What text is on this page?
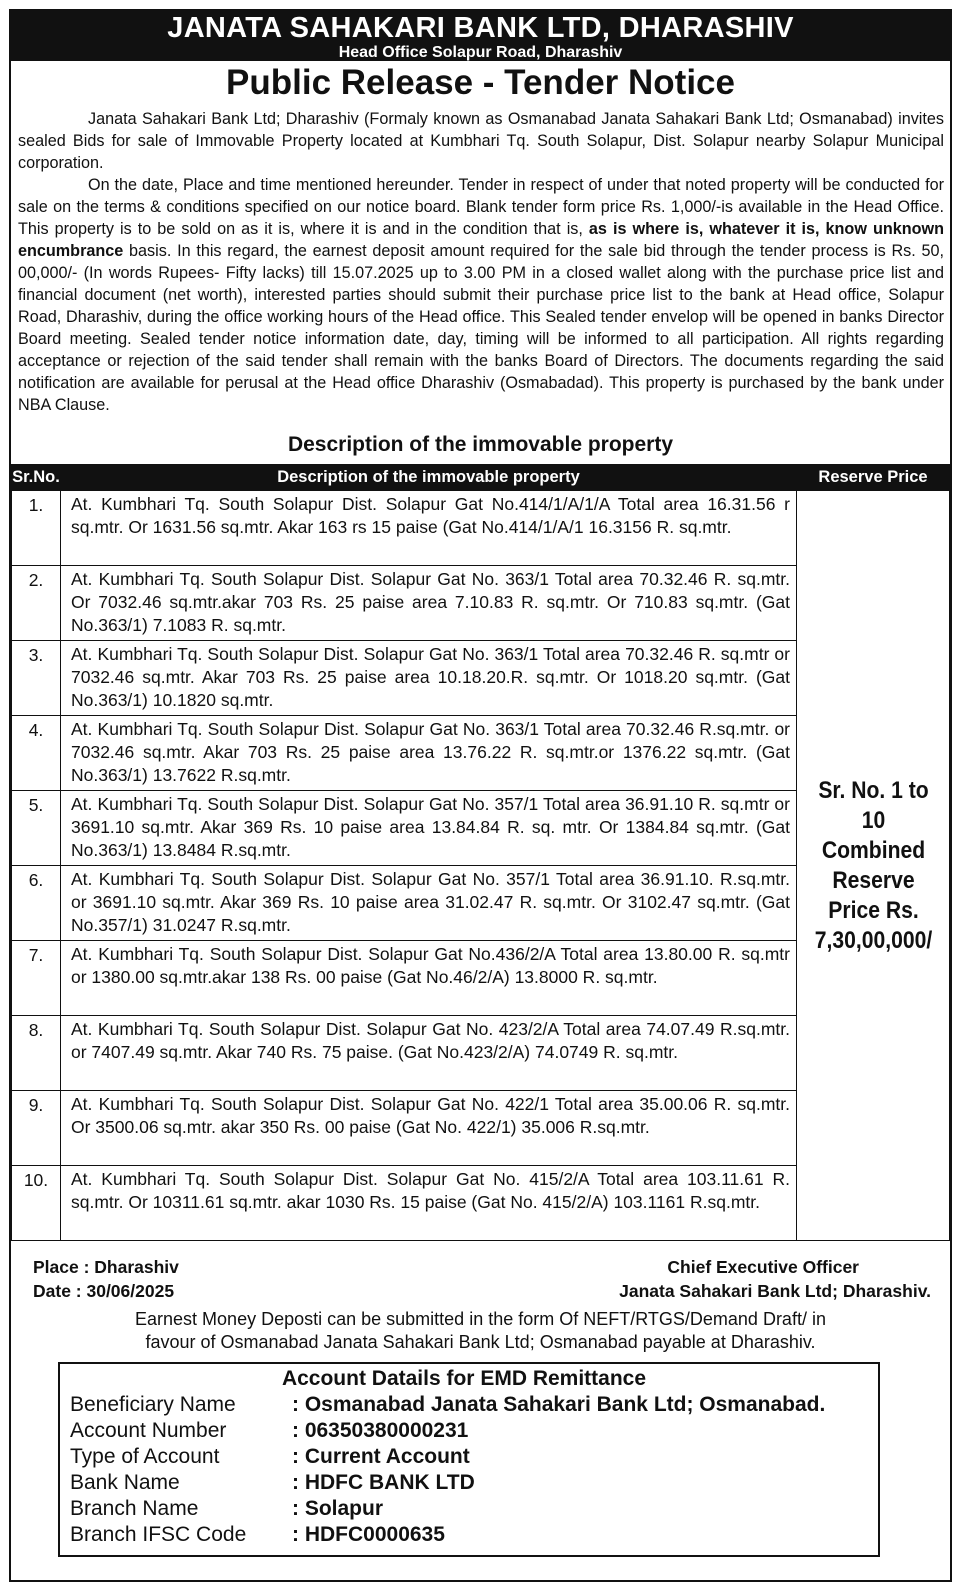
JANATA SAHAKARI BANK LTD, DHARASHIV
Head Office Solapur Road, Dharashiv
Public Release - Tender Notice

Janata Sahakari Bank Ltd; Dharashiv (Formaly known as Osmanabad Janata Sahakari Bank Ltd; Osmanabad) invites sealed Bids for sale of Immovable Property located at Kumbhari Tq. South Solapur, Dist. Solapur nearby Solapur Municipal corporation.

On the date, Place and time mentioned hereunder. Tender in respect of under that noted property will be conducted for sale on the terms & conditions specified on our notice board. Blank tender form price Rs. 1,000/-is available in the Head Office. This property is to be sold on as it is, where it is and in the condition that is, as is where is, whatever it is, know unknown encumbrance basis. In this regard, the earnest deposit amount required for the sale bid through the tender process is Rs. 50, 00,000/- (In words Rupees- Fifty lacks) till 15.07.2025 up to 3.00 PM in a closed wallet along with the purchase price list and financial document (net worth), interested parties should submit their purchase price list to the bank at Head office, Solapur Road, Dharashiv, during the office working hours of the Head office. This Sealed tender envelop will be opened in banks Director Board meeting. Sealed tender notice information date, day, timing will be informed to all participation. All rights regarding acceptance or rejection of the said tender shall remain with the banks Board of Directors. The documents regarding the said notification are available for perusal at the Head office Dharashiv (Osmabadad). This property is purchased by the bank under NBA Clause.

Description of the immovable property
Sr.No.	Description of the immovable property	Reserve Price
1.	At. Kumbhari Tq. South Solapur Dist. Solapur Gat No.414/1/A/1/A Total area 16.31.56 r sq.mtr. Or 1631.56 sq.mtr. Akar 163 rs 15 paise (Gat No.414/1/A/1 16.3156 R. sq.mtr.	Sr. No. 1 to 10
Combined
Reserve
Price Rs.
7,30,00,000/

2.	At. Kumbhari Tq. South Solapur Dist. Solapur Gat No. 363/1 Total area 70.32.46 R. sq.mtr. Or 7032.46 sq.mtr.akar 703 Rs. 25 paise area 7.10.83 R. sq.mtr. Or 710.83 sq.mtr. (Gat No.363/1) 7.1083 R. sq.mtr.	
3.	At. Kumbhari Tq. South Solapur Dist. Solapur Gat No. 363/1 Total area 70.32.46 R. sq.mtr or 7032.46 sq.mtr. Akar 703 Rs. 25 paise area 10.18.20.R. sq.mtr. Or 1018.20 sq.mtr. (Gat No.363/1) 10.1820 sq.mtr.	
4.	At. Kumbhari Tq. South Solapur Dist. Solapur Gat No. 363/1 Total area 70.32.46 R.sq.mtr. or 7032.46 sq.mtr. Akar 703 Rs. 25 paise area 13.76.22 R. sq.mtr.or 1376.22 sq.mtr. (Gat No.363/1) 13.7622 R.sq.mtr.	
5.	At. Kumbhari Tq. South Solapur Dist. Solapur Gat No. 357/1 Total area 36.91.10 R. sq.mtr or 3691.10 sq.mtr. Akar 369 Rs. 10 paise area 13.84.84 R. sq. mtr. Or 1384.84 sq.mtr. (Gat No.363/1) 13.8484 R.sq.mtr.	
6.	At. Kumbhari Tq. South Solapur Dist. Solapur Gat No. 357/1 Total area 36.91.10. R.sq.mtr. or 3691.10 sq.mtr. Akar 369 Rs. 10 paise area 31.02.47 R. sq.mtr. Or 3102.47 sq.mtr. (Gat No.357/1) 31.0247 R.sq.mtr.	
7.	At. Kumbhari Tq. South Solapur Dist. Solapur Gat No.436/2/A Total area 13.80.00 R. sq.mtr or 1380.00 sq.mtr.akar 138 Rs. 00 paise (Gat No.46/2/A) 13.8000 R. sq.mtr.	
8.	At. Kumbhari Tq. South Solapur Dist. Solapur Gat No. 423/2/A Total area 74.07.49 R.sq.mtr. or 7407.49 sq.mtr. Akar 740 Rs. 75 paise. (Gat No.423/2/A) 74.0749 R. sq.mtr.	
9.	At. Kumbhari Tq. South Solapur Dist. Solapur Gat No. 422/1 Total area 35.00.06 R. sq.mtr. Or 3500.06 sq.mtr. akar 350 Rs. 00 paise (Gat No. 422/1) 35.006 R.sq.mtr.	
10.	At. Kumbhari Tq. South Solapur Dist. Solapur Gat No. 415/2/A Total area 103.11.61 R. sq.mtr. Or 10311.61 sq.mtr. akar 1030 Rs. 15 paise (Gat No. 415/2/A) 103.1161 R.sq.mtr.	
Place : Dharashiv
Date : 30/06/2025
Chief Executive Officer
Janata Sahakari Bank Ltd; Dharashiv.
Earnest Money Deposti can be submitted in the form Of NEFT/RTGS/Demand Draft/ in
favour of Osmanabad Janata Sahakari Bank Ltd; Osmanabad payable at Dharashiv.
Account Datails for EMD Remittance
Beneficiary Name	: Osmanabad Janata Sahakari Bank Ltd; Osmanabad.
Account Number	: 06350380000231
Type of Account	: Current Account
Bank Name	: HDFC BANK LTD
Branch Name	: Solapur
Branch IFSC Code : HDFC0000635
